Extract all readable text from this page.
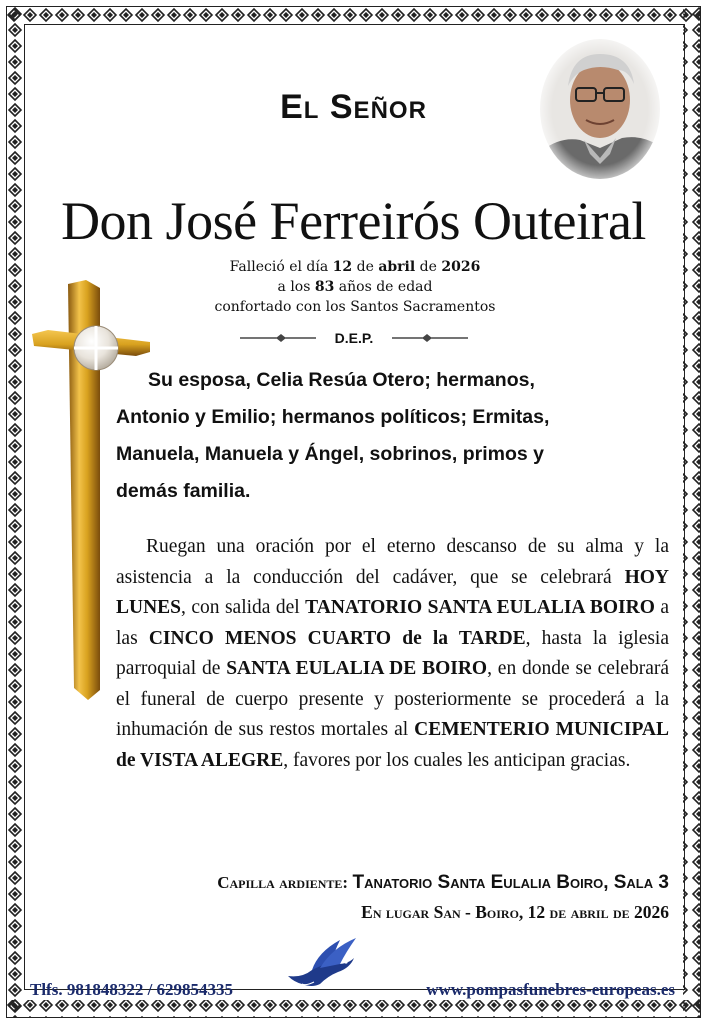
El Señor
Don José Ferreirós Outeiral
Falleció el día 12 de abril de 2026
a los 83 años de edad
confortado con los Santos Sacramentos
D.E.P.
Su esposa, Celia Resúa Otero; hermanos,
Antonio y Emilio; hermanos políticos; Ermitas,
Manuela, Manuela y Ángel, sobrinos, primos y
demás familia.
Ruegan una oración por el eterno descanso de su alma y la asistencia a la conducción del cadáver, que se celebrará HOY LUNES, con salida del TANATORIO SANTA EULALIA BOIRO a las CINCO MENOS CUARTO de la TARDE, hasta la iglesia parroquial de SANTA EULALIA DE BOIRO, en donde se celebrará el funeral de cuerpo presente y posteriormente se procederá a la inhumación de sus restos mortales al CEMENTERIO MUNICIPAL de VISTA ALEGRE, favores por los cuales les anticipan gracias.
Capilla ardiente: Tanatorio Santa Eulalia Boiro, Sala 3
En lugar San - Boiro, 12 de abril de 2026
Tlfs. 981848322 / 629854335	www.pompasfunebres-europeas.es
